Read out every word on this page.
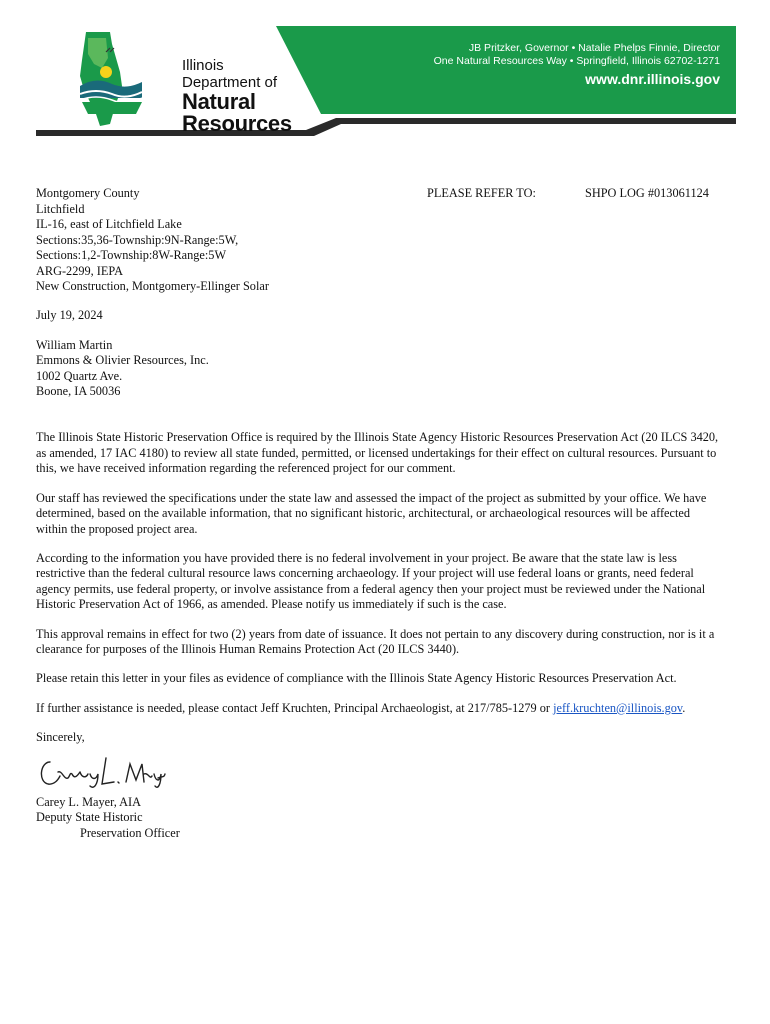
Illinois
Department of
Natural
Resources
JB Pritzker, Governor • Natalie Phelps Finnie, Director
One Natural Resources Way • Springfield, Illinois 62702-1271
www.dnr.illinois.gov
Montgomery County	PLEASE REFER TO:	SHPO LOG #013061124
Litchfield
IL-16, east of Litchfield Lake
Sections:35,36-Township:9N-Range:5W,
Sections:1,2-Township:8W-Range:5W
ARG-2299, IEPA
New Construction, Montgomery-Ellinger Solar
July 19, 2024
William Martin
Emmons & Olivier Resources, Inc.
1002 Quartz Ave.
Boone, IA 50036
The Illinois State Historic Preservation Office is required by the Illinois State Agency Historic Resources Preservation Act (20 ILCS 3420,
as amended, 17 IAC 4180) to review all state funded, permitted, or licensed undertakings for their effect on cultural resources. Pursuant to
this, we have received information regarding the referenced project for our comment.
Our staff has reviewed the specifications under the state law and assessed the impact of the project as submitted by your office. We have
determined, based on the available information, that no significant historic, architectural, or archaeological resources will be affected
within the proposed project area.
According to the information you have provided there is no federal involvement in your project. Be aware that the state law is less
restrictive than the federal cultural resource laws concerning archaeology. If your project will use federal loans or grants, need federal
agency permits, use federal property, or involve assistance from a federal agency then your project must be reviewed under the National
Historic Preservation Act of 1966, as amended. Please notify us immediately if such is the case.
This approval remains in effect for two (2) years from date of issuance. It does not pertain to any discovery during construction, nor is it a
clearance for purposes of the Illinois Human Remains Protection Act (20 ILCS 3440).
Please retain this letter in your files as evidence of compliance with the Illinois State Agency Historic Resources Preservation Act.
If further assistance is needed, please contact Jeff Kruchten, Principal Archaeologist, at 217/785-1279 or jeff.kruchten@illinois.gov.
Sincerely,
Carey L. Mayer, AIA
Deputy State Historic
Preservation Officer
